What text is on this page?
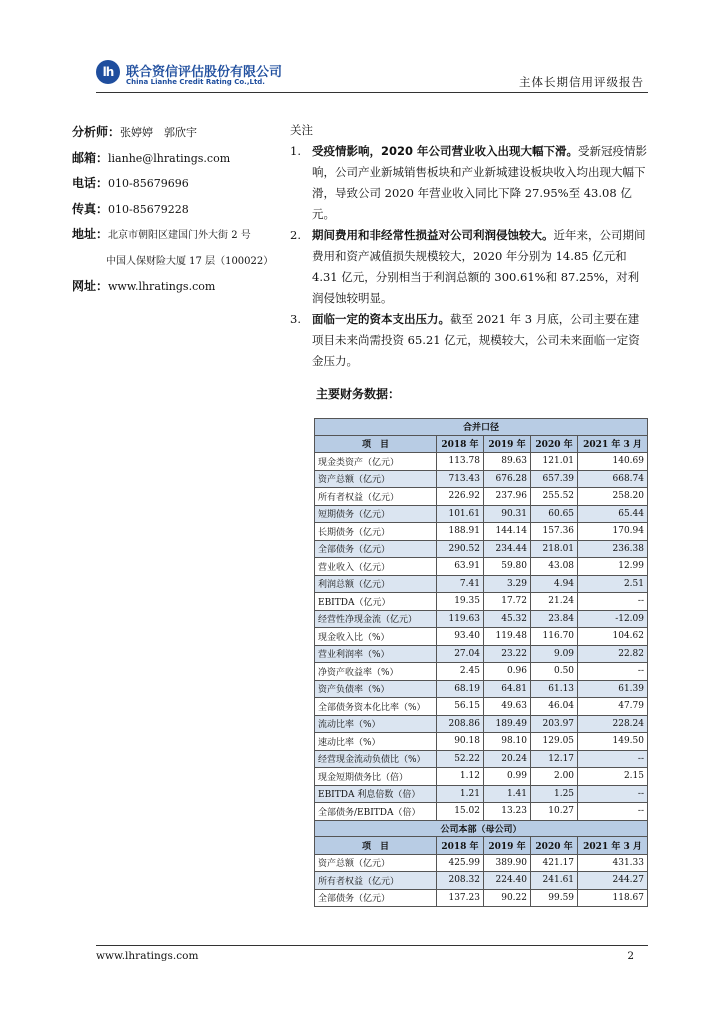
lh 联合资信评估股份有限公司
China Lianhe Credit Rating Co.,Ltd.	主体长期信用评级报告
分析师：张婷婷　郭欣宇
邮箱：lianhe@lhratings.com
电话：010-85679696
传真：010-85679228
地址：北京市朝阳区建国门外大街 2 号
中国人保财险大厦 17 层（100022）
网址：www.lhratings.com
关注
1. 受疫情影响，2020 年公司营业收入出现大幅下滑。受新冠疫情影响，公司产业新城销售板块和产业新城建设板块收入均出现大幅下滑，导致公司 2020 年营业收入同比下降 27.95%至 43.08 亿元。
2. 期间费用和非经常性损益对公司利润侵蚀较大。近年来，公司期间费用和资产减值损失规模较大，2020 年分别为 14.85 亿元和 4.31 亿元，分别相当于利润总额的 300.61%和 87.25%，对利润侵蚀较明显。
3. 面临一定的资本支出压力。截至 2021 年 3 月底，公司主要在建项目未来尚需投资 65.21 亿元，规模较大，公司未来面临一定资金压力。
主要财务数据：
合并口径				
项　目	2018 年	2019 年	2020 年	2021 年 3 月
现金类资产（亿元）	113.78	89.63	121.01	140.69
资产总额（亿元）	713.43	676.28	657.39	668.74
所有者权益（亿元）	226.92	237.96	255.52	258.20
短期债务（亿元）	101.61	90.31	60.65	65.44
长期债务（亿元）	188.91	144.14	157.36	170.94
全部债务（亿元）	290.52	234.44	218.01	236.38
营业收入（亿元）	63.91	59.80	43.08	12.99
利润总额（亿元）	7.41	3.29	4.94	2.51
EBITDA（亿元）	19.35	17.72	21.24	--
经营性净现金流（亿元）	119.63	45.32	23.84	-12.09
现金收入比（%）	93.40	119.48	116.70	104.62
营业利润率（%）	27.04	23.22	9.09	22.82
净资产收益率（%）	2.45	0.96	0.50	--
资产负债率（%）	68.19	64.81	61.13	61.39
全部债务资本化比率（%）	56.15	49.63	46.04	47.79
流动比率（%）	208.86	189.49	203.97	228.24
速动比率（%）	90.18	98.10	129.05	149.50
经营现金流动负债比（%）	52.22	20.24	12.17	--
现金短期债务比（倍）	1.12	0.99	2.00	2.15
EBITDA 利息倍数（倍）	1.21	1.41	1.25	--
全部债务/EBITDA（倍）	15.02	13.23	10.27	--
公司本部（母公司）				
项　目	2018 年	2019 年	2020 年	2021 年 3 月
资产总额（亿元）	425.99	389.90	421.17	431.33
所有者权益（亿元）	208.32	224.40	241.61	244.27
全部债务（亿元）	137.23	90.22	99.59	118.67
www.lhratings.com	2
